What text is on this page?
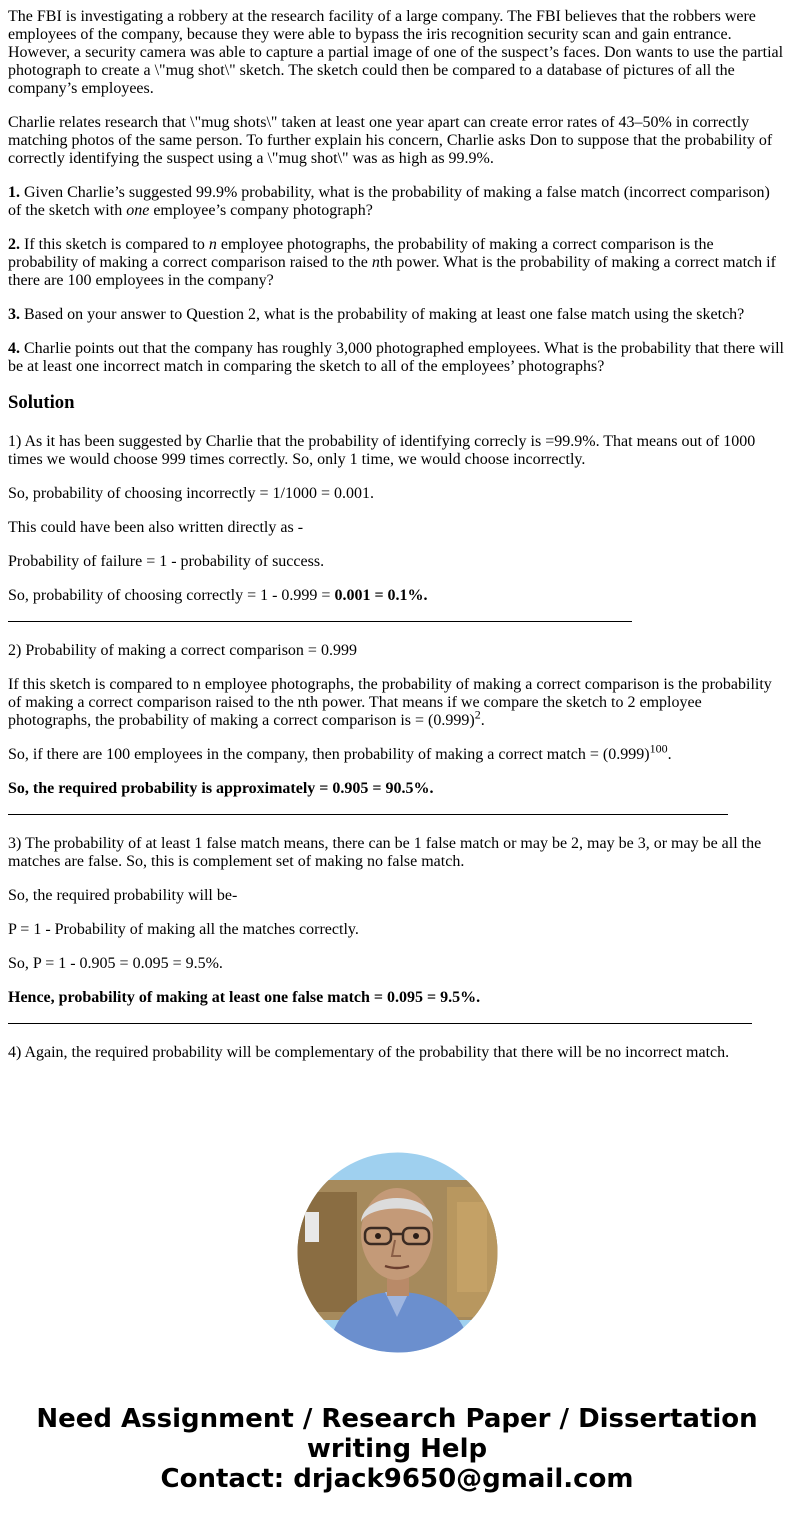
The FBI is investigating a robbery at the research facility of a large company. The FBI believes that the robbers were employees of the company, because they were able to bypass the iris recognition security scan and gain entrance. However, a security camera was able to capture a partial image of one of the suspect’s faces. Don wants to use the partial photograph to create a \"mug shot\" sketch. The sketch could then be compared to a database of pictures of all the company’s employees.

Charlie relates research that \"mug shots\" taken at least one year apart can create error rates of 43–50% in correctly matching photos of the same person. To further explain his concern, Charlie asks Don to suppose that the probability of correctly identifying the suspect using a \"mug shot\" was as high as 99.9%.

1. Given Charlie’s suggested 99.9% probability, what is the probability of making a false match (incorrect comparison) of the sketch with one employee’s company photograph?

2. If this sketch is compared to n employee photographs, the probability of making a correct comparison is the probability of making a correct comparison raised to the nth power. What is the probability of making a correct match if there are 100 employees in the company?

3. Based on your answer to Question 2, what is the probability of making at least one false match using the sketch?

4. Charlie points out that the company has roughly 3,000 photographed employees. What is the probability that there will be at least one incorrect match in comparing the sketch to all of the employees’ photographs?

Solution

1) As it has been suggested by Charlie that the probability of identifying correcly is =99.9%. That means out of 1000 times we would choose 999 times correctly. So, only 1 time, we would choose incorrectly.

So, probability of choosing incorrectly = 1/1000 = 0.001.

This could have been also written directly as -

Probability of failure = 1 - probability of success.

So, probability of choosing correctly = 1 - 0.999 = 0.001 = 0.1%.

2) Probability of making a correct comparison = 0.999

If this sketch is compared to n employee photographs, the probability of making a correct comparison is the probability of making a correct comparison raised to the nth power. That means if we compare the sketch to 2 employee photographs, the probability of making a correct comparison is = $(0.999)^2$.

So, if there are 100 employees in the company, then probability of making a correct match = $(0.999)^{100}$.

So, the required probability is approximately = 0.905 = 90.5%.

3) The probability of at least 1 false match means, there can be 1 false match or may be 2, may be 3, or may be all the matches are false. So, this is complement set of making no false match.

So, the required probability will be-

P = 1 - Probability of making all the matches correctly.

So, P = 1 - 0.905 = 0.095 = 9.5%.

Hence, probability of making at least one false match = 0.095 = 9.5%.

4) Again, the required probability will be complementary of the probability that there will be no incorrect match.

Need Assignment / Research Paper / Dissertation
writing Help
Contact: drjack9650@gmail.com
